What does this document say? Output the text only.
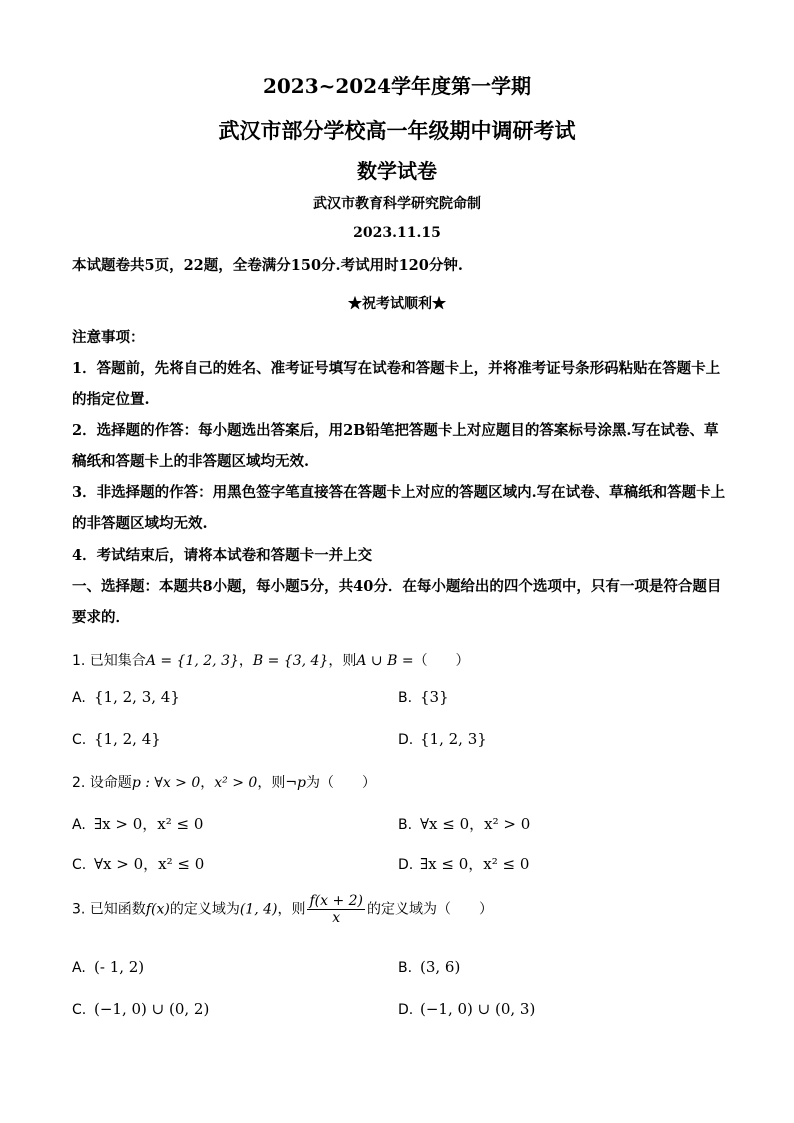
2023~2024学年度第一学期
武汉市部分学校高一年级期中调研考试
数学试卷
武汉市教育科学研究院命制
2023.11.15
本试题卷共5页，22题，全卷满分150分.考试用时120分钟.
★祝考试顺利★
注意事项：
1．答题前，先将自己的姓名、准考证号填写在试卷和答题卡上，并将准考证号条形码粘贴在答题卡上的指定位置.
2．选择题的作答：每小题选出答案后，用2B铅笔把答题卡上对应题目的答案标号涂黑.写在试卷、草稿纸和答题卡上的非答题区域均无效.
3．非选择题的作答：用黑色签字笔直接答在答题卡上对应的答题区域内.写在试卷、草稿纸和答题卡上的非答题区域均无效.
4．考试结束后，请将本试卷和答题卡一并上交
一、选择题：本题共8小题，每小题5分，共40分．在每小题给出的四个选项中，只有一项是符合题目要求的．
1. 已知集合A = {1, 2, 3}，B = {3, 4}，则A ∪ B =（　　）
A. {1, 2, 3, 4}	B. {3}
C. {1, 2, 4}	D. {1, 2, 3}
2. 设命题p : ∀x > 0，x² > 0，则¬p为（　　）
A. ∃x > 0，x² ≤ 0	B. ∀x ≤ 0，x² > 0
C. ∀x > 0，x² ≤ 0	D. ∃x ≤ 0，x² ≤ 0
3. 已知函数f(x)的定义域为(1, 4)，则 $\frac{f(x + 2)}{x}$ 的定义域为（　　）
A. (- 1, 2)	B. (3, 6)
C. (−1, 0) ∪ (0, 2)	D. (−1, 0) ∪ (0, 3)
